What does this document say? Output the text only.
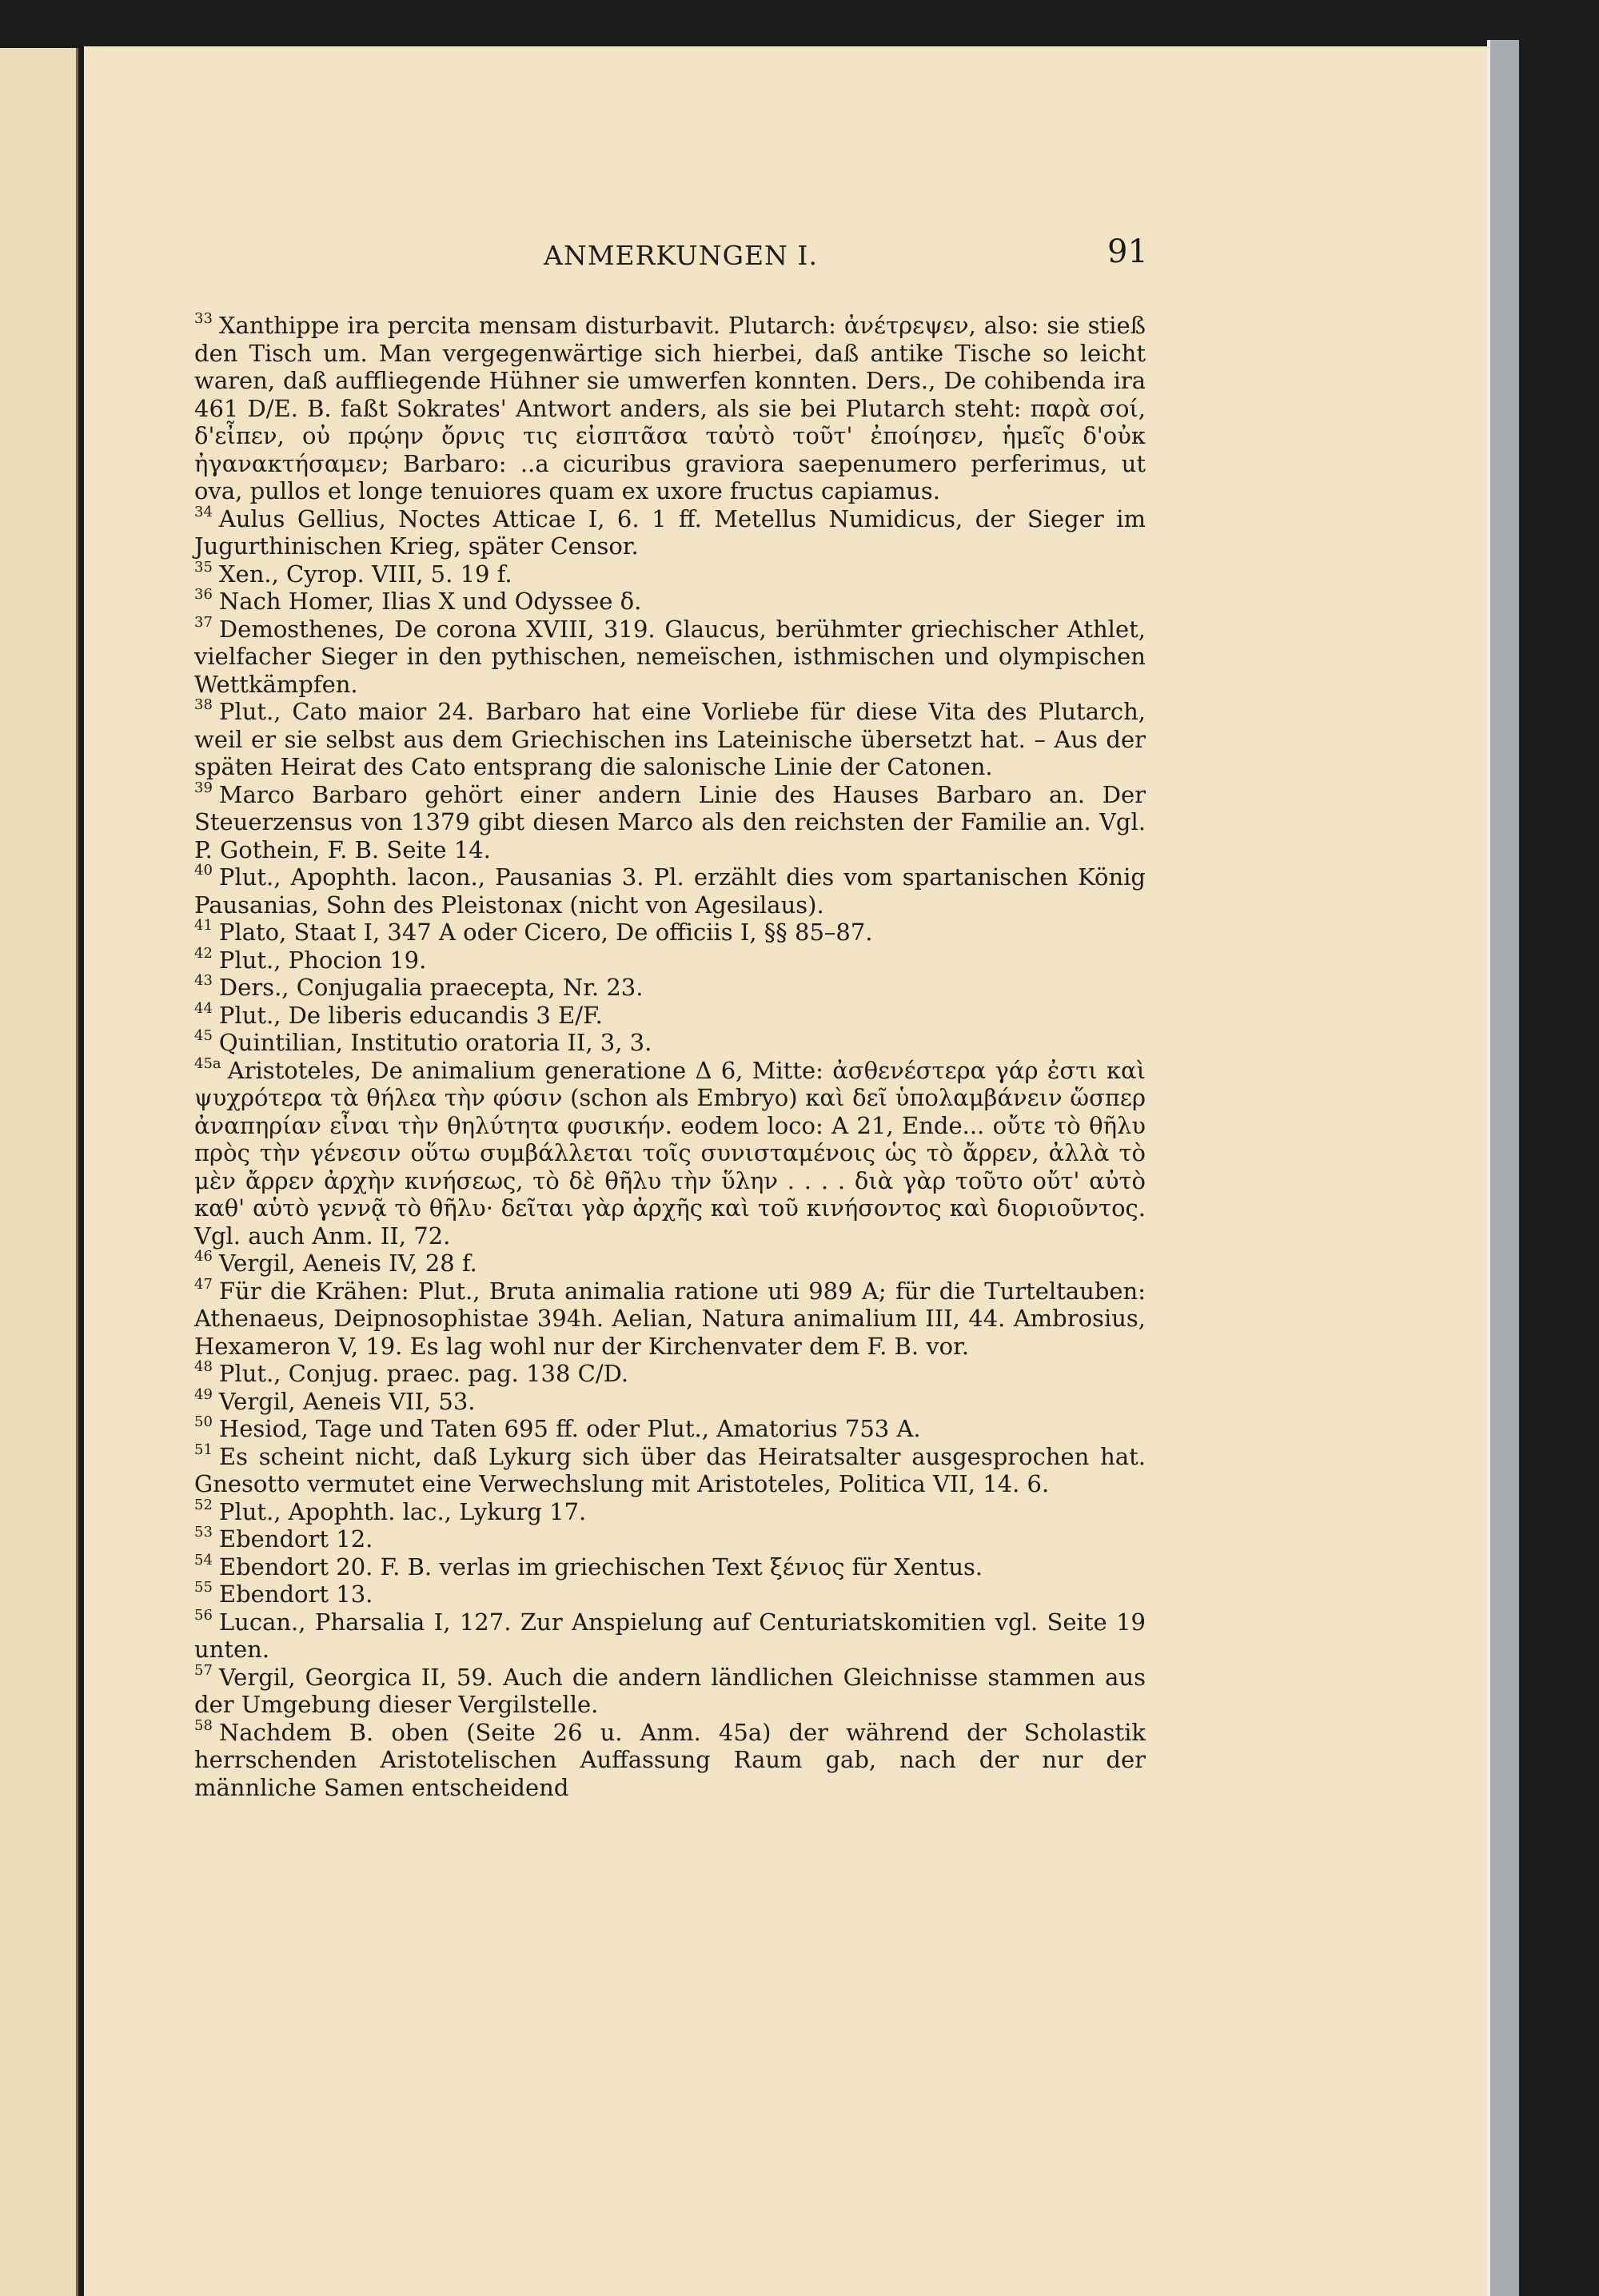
ANMERKUNGEN I.	91

$^{33}$ Xanthippe ira percita mensam disturbavit. Plutarch: ἀνέτρεψεν, also: sie stieß den Tisch um. Man vergegenwärtige sich hierbei, daß antike Tische so leicht waren, daß auffliegende Hühner sie umwerfen konnten. Ders., De cohibenda ira 461 D/E. B. faßt Sokrates' Antwort anders, als sie bei Plutarch steht: παρὰ σοί, δ'εἶπεν, οὐ πρῴην ὄρνις τις εἰσπτᾶσα ταὐτὸ τοῦτ' ἐποίησεν, ἡμεῖς δ'οὐκ ἠγανακτήσαμεν; Barbaro: ..a cicuribus graviora saepenumero perferimus, ut ova, pullos et longe tenuiores quam ex uxore fructus capiamus.

$^{34}$ Aulus Gellius, Noctes Atticae I, 6. 1 ff. Metellus Numidicus, der Sieger im Jugurthinischen Krieg, später Censor.

$^{35}$ Xen., Cyrop. VIII, 5. 19 f.

$^{36}$ Nach Homer, Ilias X und Odyssee δ.

$^{37}$ Demosthenes, De corona XVIII, 319. Glaucus, berühmter griechischer Athlet, vielfacher Sieger in den pythischen, nemeïschen, isthmischen und olympischen Wettkämpfen.

$^{38}$ Plut., Cato maior 24. Barbaro hat eine Vorliebe für diese Vita des Plutarch, weil er sie selbst aus dem Griechischen ins Lateinische übersetzt hat. – Aus der späten Heirat des Cato entsprang die salonische Linie der Catonen.

$^{39}$ Marco Barbaro gehört einer andern Linie des Hauses Barbaro an. Der Steuerzensus von 1379 gibt diesen Marco als den reichsten der Familie an. Vgl. P. Gothein, F. B. Seite 14.

$^{40}$ Plut., Apophth. lacon., Pausanias 3. Pl. erzählt dies vom spartanischen König Pausanias, Sohn des Pleistonax (nicht von Agesilaus).

$^{41}$ Plato, Staat I, 347 A oder Cicero, De officiis I, §§ 85–87.

$^{42}$ Plut., Phocion 19.

$^{43}$ Ders., Conjugalia praecepta, Nr. 23.

$^{44}$ Plut., De liberis educandis 3 E/F.

$^{45}$ Quintilian, Institutio oratoria II, 3, 3.

$^{45a}$ Aristoteles, De animalium generatione Δ 6, Mitte: ἀσθενέστερα γάρ ἐστι καὶ ψυχρότερα τὰ θήλεα τὴν φύσιν (schon als Embryo) καὶ δεῖ ὑπολαμβάνειν ὥσπερ ἀναπηρίαν εἶναι τὴν θηλύτητα φυσικήν. eodem loco: A 21, Ende... οὔτε τὸ θῆλυ πρὸς τὴν γένεσιν οὕτω συμβάλλεται τοῖς συνισταμένοις ὡς τὸ ἄρρεν, ἀλλὰ τὸ μὲν ἄρρεν ἀρχὴν κινήσεως, τὸ δὲ θῆλυ τὴν ὕλην . . . . διὰ γὰρ τοῦτο οὔτ' αὐτὸ καθ' αὑτὸ γεννᾷ τὸ θῆλυ· δεῖται γὰρ ἀρχῆς καὶ τοῦ κινήσοντος καὶ διοριοῦντος. Vgl. auch Anm. II, 72.

$^{46}$ Vergil, Aeneis IV, 28 f.

$^{47}$ Für die Krähen: Plut., Bruta animalia ratione uti 989 A; für die Turteltauben: Athenaeus, Deipnosophistae 394h. Aelian, Natura animalium III, 44. Ambrosius, Hexameron V, 19. Es lag wohl nur der Kirchenvater dem F. B. vor.

$^{48}$ Plut., Conjug. praec. pag. 138 C/D.

$^{49}$ Vergil, Aeneis VII, 53.

$^{50}$ Hesiod, Tage und Taten 695 ff. oder Plut., Amatorius 753 A.

$^{51}$ Es scheint nicht, daß Lykurg sich über das Heiratsalter ausgesprochen hat. Gnesotto vermutet eine Verwechslung mit Aristoteles, Politica VII, 14. 6.

$^{52}$ Plut., Apophth. lac., Lykurg 17.

$^{53}$ Ebendort 12.

$^{54}$ Ebendort 20. F. B. verlas im griechischen Text ξένιος für Xentus.

$^{55}$ Ebendort 13.

$^{56}$ Lucan., Pharsalia I, 127. Zur Anspielung auf Centuriatskomitien vgl. Seite 19 unten.

$^{57}$ Vergil, Georgica II, 59. Auch die andern ländlichen Gleichnisse stammen aus der Umgebung dieser Vergilstelle.

$^{58}$ Nachdem B. oben (Seite 26 u. Anm. 45a) der während der Scholastik herrschenden Aristotelischen Auffassung Raum gab, nach der nur der männliche Samen entscheidend
